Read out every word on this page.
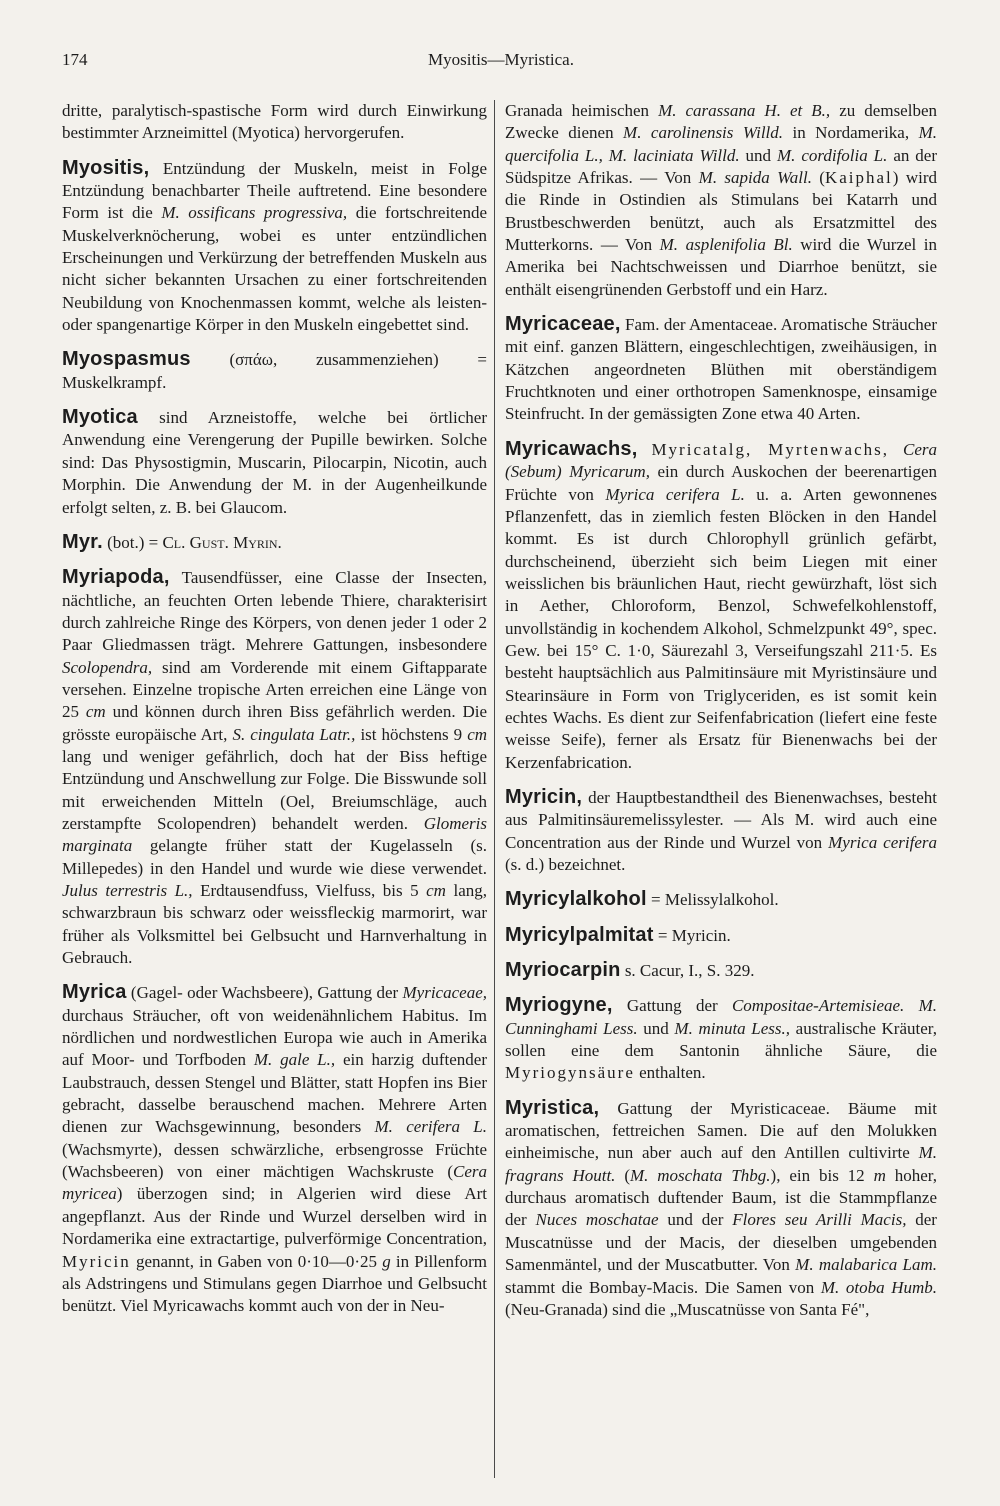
174	Myositis—Myristica.

dritte, paralytisch-spastische Form wird durch Einwirkung bestimmter Arzneimittel (Myotica) hervorgerufen.

Myositis, Entzündung der Muskeln, meist in Folge Entzündung benachbarter Theile auftretend. Eine besondere Form ist die M. ossificans progressiva, die fortschreitende Muskelverknöcherung, wobei es unter entzündlichen Erscheinungen und Verkürzung der betreffenden Muskeln aus nicht sicher bekannten Ursachen zu einer fortschreitenden Neubildung von Knochenmassen kommt, welche als leisten- oder spangenartige Körper in den Muskeln eingebettet sind.

Myospasmus (σπάω, zusammenziehen) = Muskelkrampf.

Myotica sind Arzneistoffe, welche bei örtlicher Anwendung eine Verengerung der Pupille bewirken. Solche sind: Das Physostigmin, Muscarin, Pilocarpin, Nicotin, auch Morphin. Die Anwendung der M. in der Augenheilkunde erfolgt selten, z. B. bei Glaucom.

Myr. (bot.) = Cl. Gust. Myrin.

Myriapoda, Tausendfüsser, eine Classe der Insecten, nächtliche, an feuchten Orten lebende Thiere, charakterisirt durch zahlreiche Ringe des Körpers, von denen jeder 1 oder 2 Paar Gliedmassen trägt. Mehrere Gattungen, insbesondere Scolopendra, sind am Vorderende mit einem Giftapparate versehen. Einzelne tropische Arten erreichen eine Länge von 25 cm und können durch ihren Biss gefährlich werden. Die grösste europäische Art, S. cingulata Latr., ist höchstens 9 cm lang und weniger gefährlich, doch hat der Biss heftige Entzündung und Anschwellung zur Folge. Die Bisswunde soll mit erweichenden Mitteln (Oel, Breiumschläge, auch zerstampfte Scolopendren) behandelt werden. Glomeris marginata gelangte früher statt der Kugelasseln (s. Millepedes) in den Handel und wurde wie diese verwendet. Julus terrestris L., Erdtausendfuss, Vielfuss, bis 5 cm lang, schwarzbraun bis schwarz oder weissfleckig marmorirt, war früher als Volksmittel bei Gelbsucht und Harnverhaltung in Gebrauch.

Myrica (Gagel- oder Wachsbeere), Gattung der Myricaceae, durchaus Sträucher, oft von weidenähnlichem Habitus. Im nördlichen und nordwestlichen Europa wie auch in Amerika auf Moor- und Torfboden M. gale L., ein harzig duftender Laubstrauch, dessen Stengel und Blätter, statt Hopfen ins Bier gebracht, dasselbe berauschend machen. Mehrere Arten dienen zur Wachsgewinnung, besonders M. cerifera L. (Wachsmyrte), dessen schwärzliche, erbsengrosse Früchte (Wachsbeeren) von einer mächtigen Wachskruste (Cera myricea) überzogen sind; in Algerien wird diese Art angepflanzt. Aus der Rinde und Wurzel derselben wird in Nordamerika eine extractartige, pulverförmige Concentration, Myricin genannt, in Gaben von 0·10—0·25 g in Pillenform als Adstringens und Stimulans gegen Diarrhoe und Gelbsucht benützt. Viel Myricawachs kommt auch von der in Neu-

Granada heimischen M. carassana H. et B., zu demselben Zwecke dienen M. carolinensis Willd. in Nordamerika, M. quercifolia L., M. laciniata Willd. und M. cordifolia L. an der Südspitze Afrikas. — Von M. sapida Wall. (Kaiphal) wird die Rinde in Ostindien als Stimulans bei Katarrh und Brustbeschwerden benützt, auch als Ersatzmittel des Mutterkorns. — Von M. asplenifolia Bl. wird die Wurzel in Amerika bei Nachtschweissen und Diarrhoe benützt, sie enthält eisengrünenden Gerbstoff und ein Harz.

Myricaceae, Fam. der Amentaceae. Aromatische Sträucher mit einf. ganzen Blättern, eingeschlechtigen, zweihäusigen, in Kätzchen angeordneten Blüthen mit oberständigem Fruchtknoten und einer orthotropen Samenknospe, einsamige Steinfrucht. In der gemässigten Zone etwa 40 Arten.

Myricawachs, Myricatalg, Myrtenwachs, Cera (Sebum) Myricarum, ein durch Auskochen der beerenartigen Früchte von Myrica cerifera L. u. a. Arten gewonnenes Pflanzenfett, das in ziemlich festen Blöcken in den Handel kommt. Es ist durch Chlorophyll grünlich gefärbt, durchscheinend, überzieht sich beim Liegen mit einer weisslichen bis bräunlichen Haut, riecht gewürzhaft, löst sich in Aether, Chloroform, Benzol, Schwefelkohlenstoff, unvollständig in kochendem Alkohol, Schmelzpunkt 49°, spec. Gew. bei 15° C. 1·0, Säurezahl 3, Verseifungszahl 211·5. Es besteht hauptsächlich aus Palmitinsäure mit Myristinsäure und Stearinsäure in Form von Triglyceriden, es ist somit kein echtes Wachs. Es dient zur Seifenfabrication (liefert eine feste weisse Seife), ferner als Ersatz für Bienenwachs bei der Kerzenfabrication.

Myricin, der Hauptbestandtheil des Bienenwachses, besteht aus Palmitinsäuremelissylester. — Als M. wird auch eine Concentration aus der Rinde und Wurzel von Myrica cerifera (s. d.) bezeichnet.

Myricylalkohol = Melissylalkohol.

Myricylpalmitat = Myricin.

Myriocarpin s. Cacur, I., S. 329.

Myriogyne, Gattung der Compositae-Artemisieae. M. Cunninghami Less. und M. minuta Less., australische Kräuter, sollen eine dem Santonin ähnliche Säure, die Myriogynsäure enthalten.

Myristica, Gattung der Myristicaceae. Bäume mit aromatischen, fettreichen Samen. Die auf den Molukken einheimische, nun aber auch auf den Antillen cultivirte M. fragrans Houtt. (M. moschata Thbg.), ein bis 12 m hoher, durchaus aromatisch duftender Baum, ist die Stammpflanze der Nuces moschatae und der Flores seu Arilli Macis, der Muscatnüsse und der Macis, der dieselben umgebenden Samenmäntel, und der Muscatbutter. Von M. malabarica Lam. stammt die Bombay-Macis. Die Samen von M. otoba Humb. (Neu-Granada) sind die „Muscatnüsse von Santa Fé",
